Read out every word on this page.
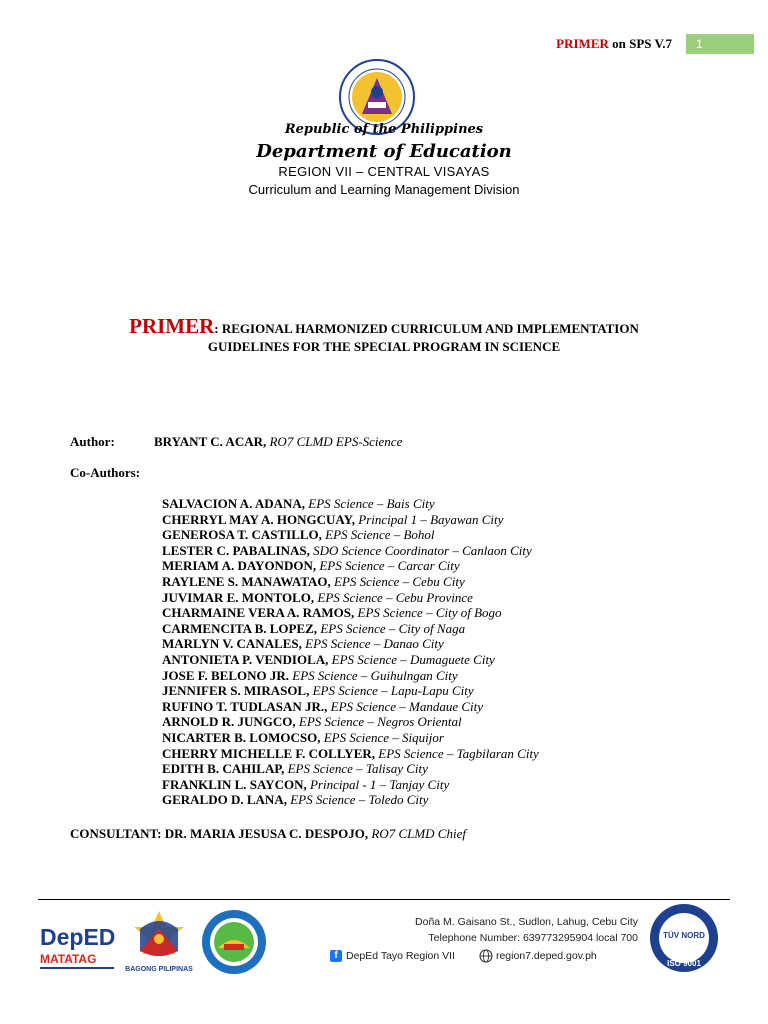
PRIMER on SPS V.7	1
Republic of the Philippines
Department of Education
REGION VII – CENTRAL VISAYAS
Curriculum and Learning Management Division
PRIMER: REGIONAL HARMONIZED CURRICULUM AND IMPLEMENTATION
GUIDELINES FOR THE SPECIAL PROGRAM IN SCIENCE
Author:	BRYANT C. ACAR, RO7 CLMD EPS-Science
Co-Authors:
SALVACION A. ADANA, EPS Science – Bais City
CHERRYL MAY A. HONGCUAY, Principal 1 – Bayawan City
GENEROSA T. CASTILLO, EPS Science – Bohol
LESTER C. PABALINAS, SDO Science Coordinator – Canlaon City
MERIAM A. DAYONDON, EPS Science – Carcar City
RAYLENE S. MANAWATAO, EPS Science – Cebu City
JUVIMAR E. MONTOLO, EPS Science – Cebu Province
CHARMAINE VERA A. RAMOS, EPS Science – City of Bogo
CARMENCITA B. LOPEZ, EPS Science – City of Naga
MARLYN V. CANALES, EPS Science – Danao City
ANTONIETA P. VENDIOLA, EPS Science – Dumaguete City
JOSE F. BELONO JR. EPS Science – Guihulngan City
JENNIFER S. MIRASOL, EPS Science – Lapu-Lapu City
RUFINO T. TUDLASAN JR., EPS Science – Mandaue City
ARNOLD R. JUNGCO, EPS Science – Negros Oriental
NICARTER B. LOMOCSO, EPS Science – Siquijor
CHERRY MICHELLE F. COLLYER, EPS Science – Tagbilaran City
EDITH B. CAHILAP, EPS Science – Talisay City
FRANKLIN L. SAYCON, Principal - 1 – Tanjay City
GERALDO D. LANA, EPS Science – Toledo City
CONSULTANT: DR. MARIA JESUSA C. DESPOJO, RO7 CLMD Chief
DepED
MATATAG
BAGONG PILIPINAS
Doña M. Gaisano St., Sudlon, Lahug, Cebu City
Telephone Number: 639773295904 local 700
f DepEd Tayo Region VII	region7.deped.gov.ph
TÜV NORD
ISO 9001
